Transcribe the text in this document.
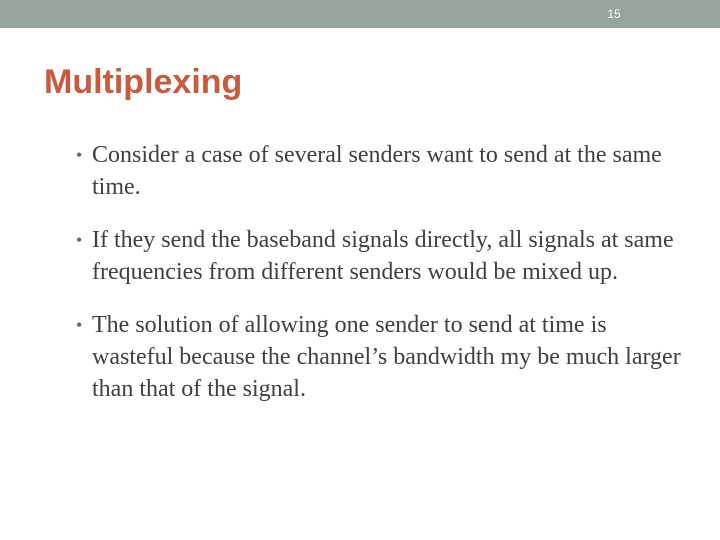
15
Multiplexing
• Consider a case of several senders want to send at the same time.
• If they send the baseband signals directly, all signals at same frequencies from different senders would be mixed up.
• The solution of allowing one sender to send at time is wasteful because the channel’s bandwidth my be much larger than that of the signal.
